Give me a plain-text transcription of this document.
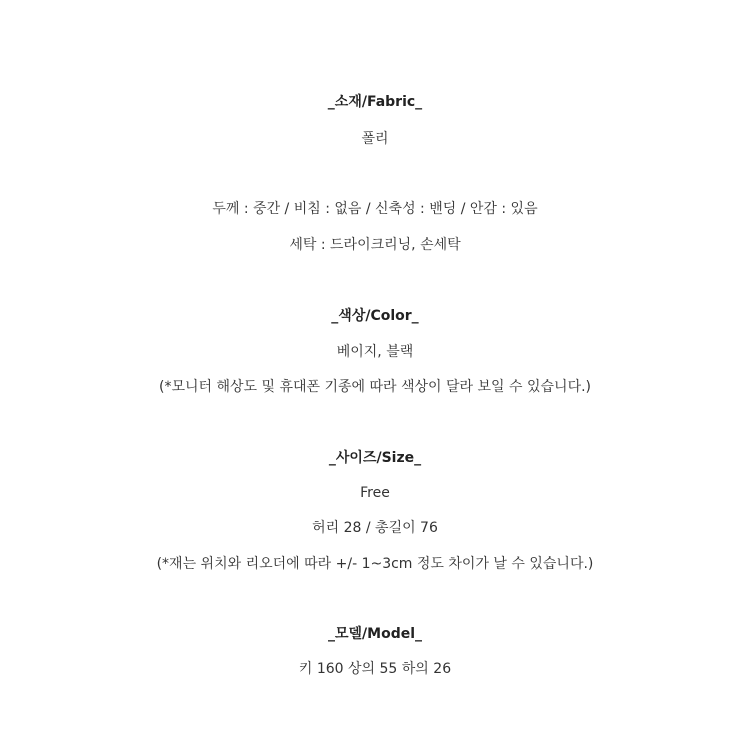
_소재/Fabric_
폴리
두께 : 중간 / 비침 : 없음 / 신축성 : 밴딩 / 안감 : 있음
세탁 : 드라이크리닝, 손세탁
_색상/Color_
베이지, 블랙
(*모니터 해상도 및 휴대폰 기종에 따라 색상이 달라 보일 수 있습니다.)
_사이즈/Size_
Free
허리 28 / 총길이 76
(*재는 위치와 리오더에 따라 +/- 1~3cm 정도 차이가 날 수 있습니다.)
_모델/Model_
키 160 상의 55 하의 26
